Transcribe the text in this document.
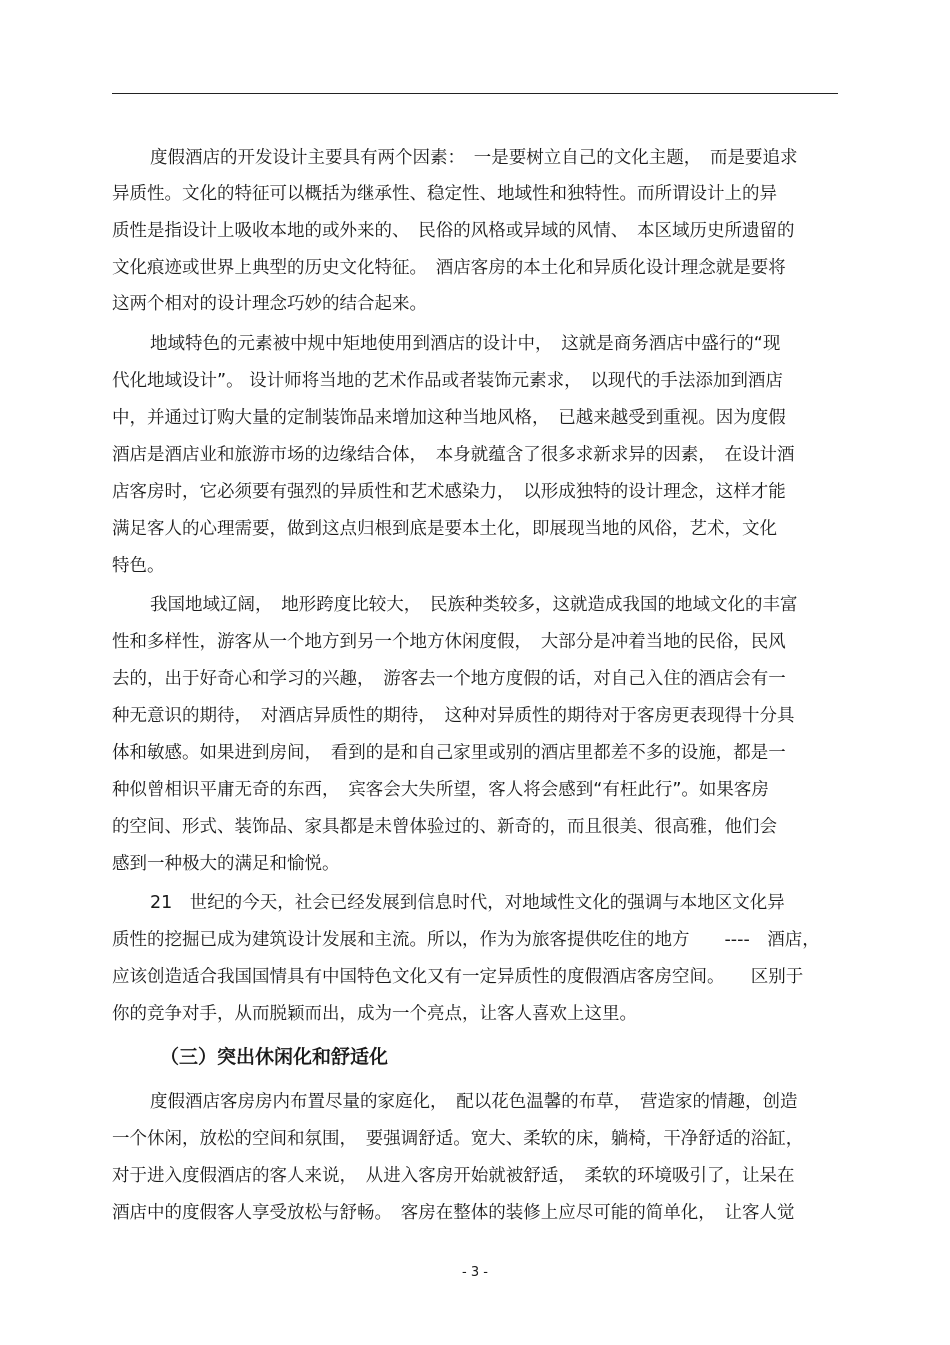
度假酒店的开发设计主要具有两个因素：　一是要树立自己的文化主题，　而是要追求

异质性。文化的特征可以概括为继承性、稳定性、地域性和独特性。而所谓设计上的异

质性是指设计上吸收本地的或外来的、　民俗的风格或异域的风情、　本区域历史所遗留的

文化痕迹或世界上典型的历史文化特征。　酒店客房的本土化和异质化设计理念就是要将

这两个相对的设计理念巧妙的结合起来。

地域特色的元素被中规中矩地使用到酒店的设计中，　这就是商务酒店中盛行的“现

代化地域设计”。 设计师将当地的艺术作品或者装饰元素求，　以现代的手法添加到酒店

中，并通过订购大量的定制装饰品来增加这种当地风格，　已越来越受到重视。因为度假

酒店是酒店业和旅游市场的边缘结合体，　本身就蕴含了很多求新求异的因素，　在设计酒

店客房时，它必须要有强烈的异质性和艺术感染力，　以形成独特的设计理念，这样才能

满足客人的心理需要，做到这点归根到底是要本土化，即展现当地的风俗，艺术，文化

特色。

我国地域辽阔，　地形跨度比较大，　民族种类较多，这就造成我国的地域文化的丰富

性和多样性，游客从一个地方到另一个地方休闲度假，　大部分是冲着当地的民俗，民风

去的，出于好奇心和学习的兴趣，　游客去一个地方度假的话，对自己入住的酒店会有一

种无意识的期待，　对酒店异质性的期待，　这种对异质性的期待对于客房更表现得十分具

体和敏感。如果进到房间，　看到的是和自己家里或别的酒店里都差不多的设施，都是一

种似曾相识平庸无奇的东西，　宾客会大失所望，客人将会感到“有枉此行”。如果客房

的空间、形式、装饰品、家具都是未曾体验过的、新奇的，而且很美、很高雅，他们会

感到一种极大的满足和愉悦。

21　世纪的今天，社会已经发展到信息时代，对地域性文化的强调与本地区文化异

质性的挖掘已成为建筑设计发展和主流。所以，作为为旅客提供吃住的地方　　----　酒店，

应该创造适合我国国情具有中国特色文化又有一定异质性的度假酒店客房空间。　　区别于

你的竞争对手，从而脱颖而出，成为一个亮点，让客人喜欢上这里。

（三）突出休闲化和舒适化

度假酒店客房房内布置尽量的家庭化，　配以花色温馨的布草，　营造家的情趣，创造

一个休闲，放松的空间和氛围，　要强调舒适。宽大、柔软的床，躺椅，干净舒适的浴缸，

对于进入度假酒店的客人来说，　从进入客房开始就被舒适，　柔软的环境吸引了，让呆在

酒店中的度假客人享受放松与舒畅。　客房在整体的装修上应尽可能的简单化，　让客人觉

- 3 -
